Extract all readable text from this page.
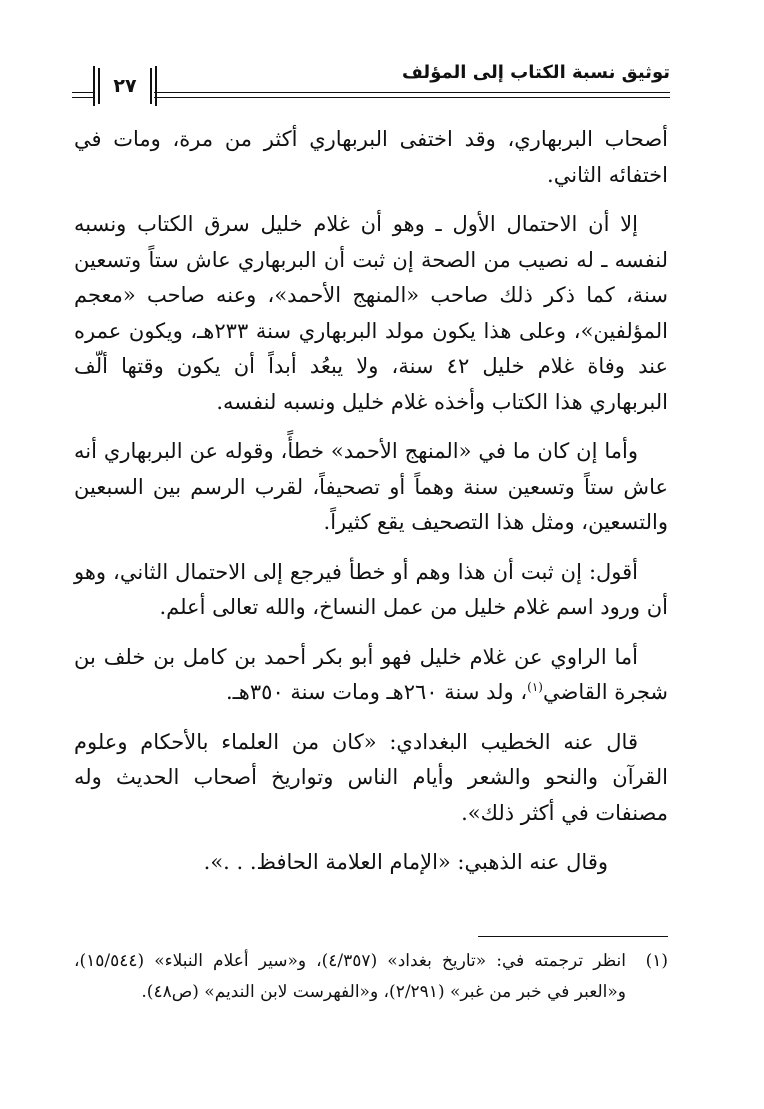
توثيق نسبة الكتاب إلى المؤلف
٢٧

أصحاب البربهاري، وقد اختفى البربهاري أكثر من مرة، ومات في اختفائه الثاني.

إلا أن الاحتمال الأول ـ وهو أن غلام خليل سرق الكتاب ونسبه لنفسه ـ له نصيب من الصحة إن ثبت أن البربهاري عاش ستاً وتسعين سنة، كما ذكر ذلك صاحب «المنهج الأحمد»، وعنه صاحب «معجم المؤلفين»، وعلى هذا يكون مولد البربهاري سنة ٢٣٣هـ، ويكون عمره عند وفاة غلام خليل ٤٢ سنة، ولا يبعُد أبداً أن يكون وقتها ألّف البربهاري هذا الكتاب وأخذه غلام خليل ونسبه لنفسه.

وأما إن كان ما في «المنهج الأحمد» خطأً، وقوله عن البربهاري أنه عاش ستاً وتسعين سنة وهماً أو تصحيفاً، لقرب الرسم بين السبعين والتسعين، ومثل هذا التصحيف يقع كثيراً.

أقول: إن ثبت أن هذا وهم أو خطأ فيرجع إلى الاحتمال الثاني، وهو أن ورود اسم غلام خليل من عمل النساخ، والله تعالى أعلم.

أما الراوي عن غلام خليل فهو أبو بكر أحمد بن كامل بن خلف بن شجرة القاضي$^{(١)}$، ولد سنة ٢٦٠هـ ومات سنة ٣٥٠هـ.

قال عنه الخطيب البغدادي: «كان من العلماء بالأحكام وعلوم القرآن والنحو والشعر وأيام الناس وتواريخ أصحاب الحديث وله مصنفات في أكثر ذلك».

وقال عنه الذهبي: «الإمام العلامة الحافظ. . .».

(١)
انظر ترجمته في: «تاريخ بغداد» (٤/٣٥٧)، و«سير أعلام النبلاء» (١٥/٥٤٤)، و«العبر في خبر من غبر» (٢/٢٩١)، و«الفهرست لابن النديم» (ص٤٨).
